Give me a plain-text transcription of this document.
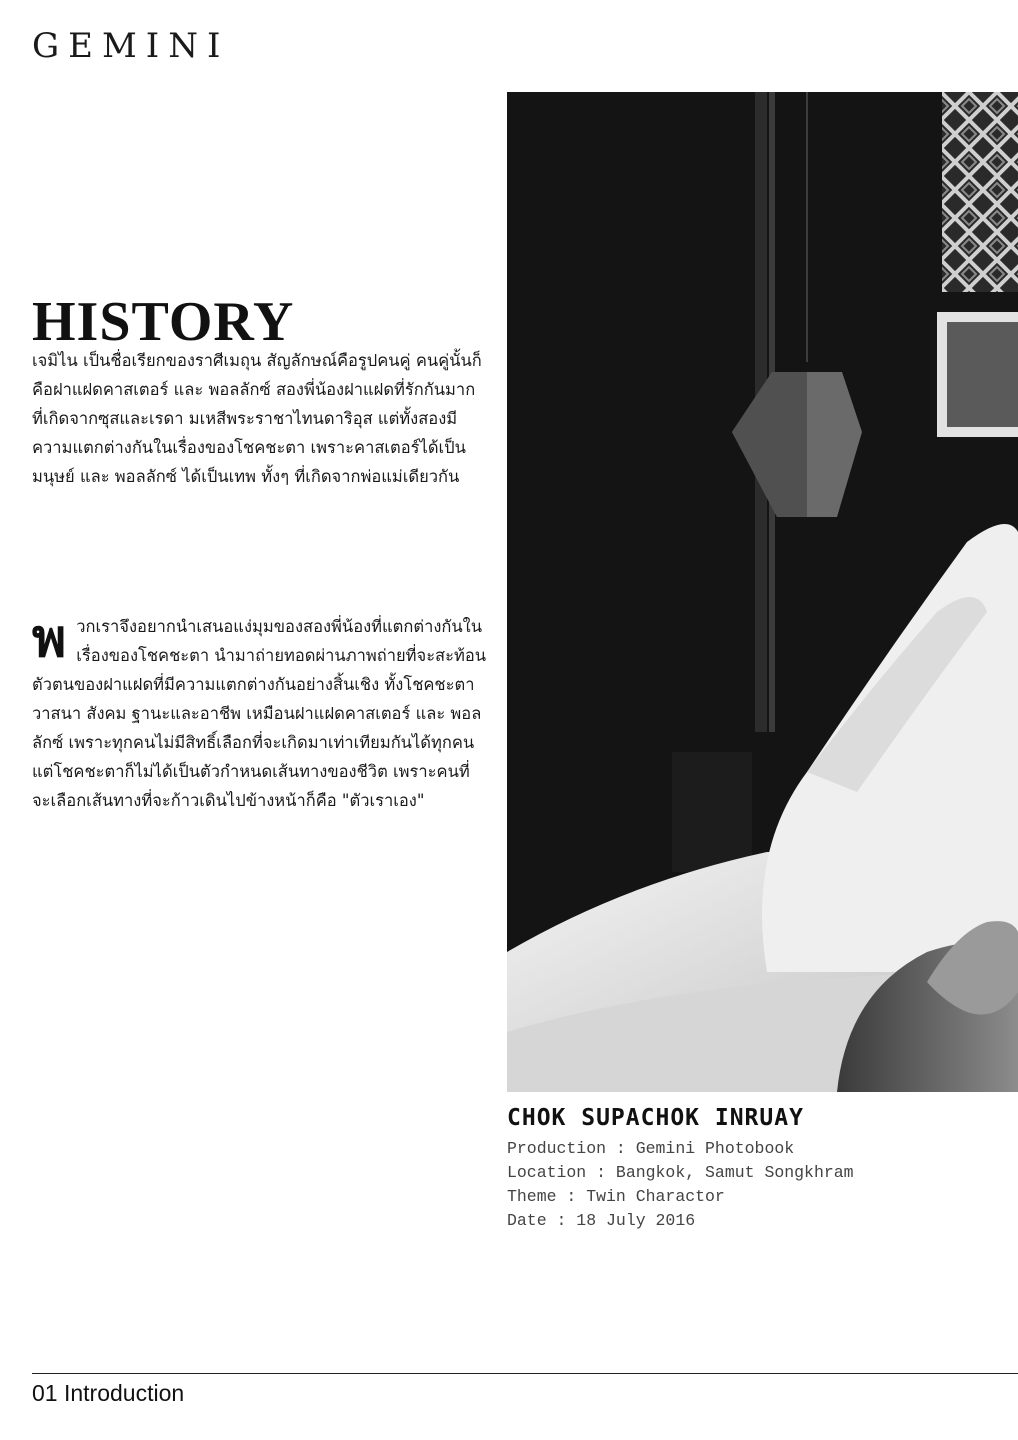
GEMINI
HISTORY

เจมิไน เป็นชื่อเรียกของราศีเมถุน สัญลักษณ์คือรูปคนคู่ คนคู่นั้นก็คือฝาแฝดคาสเตอร์ และ พอลลักซ์ สองพี่น้องฝาแฝดที่รักกันมาก ที่เกิดจากซุสและเรดา มเหสีพระราชาไทนดาริอุส แต่ทั้งสองมีความแตกต่างกันในเรื่องของโชคชะตา เพราะคาสเตอร์ได้เป็นมนุษย์ และ พอลลักซ์ ได้เป็นเทพ ทั้งๆ ที่เกิดจากพ่อแม่เดียวกัน

พวกเราจึงอยากนำเสนอแง่มุมของสองพี่น้องที่แตกต่างกันในเรื่องของโชคชะตา นำมาถ่ายทอดผ่านภาพถ่ายที่จะสะท้อนตัวตนของฝาแฝดที่มีความแตกต่างกันอย่างสิ้นเชิง ทั้งโชคชะตา วาสนา สังคม ฐานะและอาชีพ เหมือนฝาแฝดคาสเตอร์ และ พอลลักซ์ เพราะทุกคนไม่มีสิทธิ์เลือกที่จะเกิดมาเท่าเทียมกันได้ทุกคน แต่โชคชะตาก็ไม่ได้เป็นตัวกำหนดเส้นทางของชีวิต เพราะคนที่จะเลือกเส้นทางที่จะก้าวเดินไปข้างหน้าก็คือ "ตัวเราเอง"

CHOK SUPACHOK INRUAY
Production : Gemini Photobook
Location : Bangkok, Samut Songkhram
Theme : Twin Charactor
Date : 18 July 2016
01 Introduction
